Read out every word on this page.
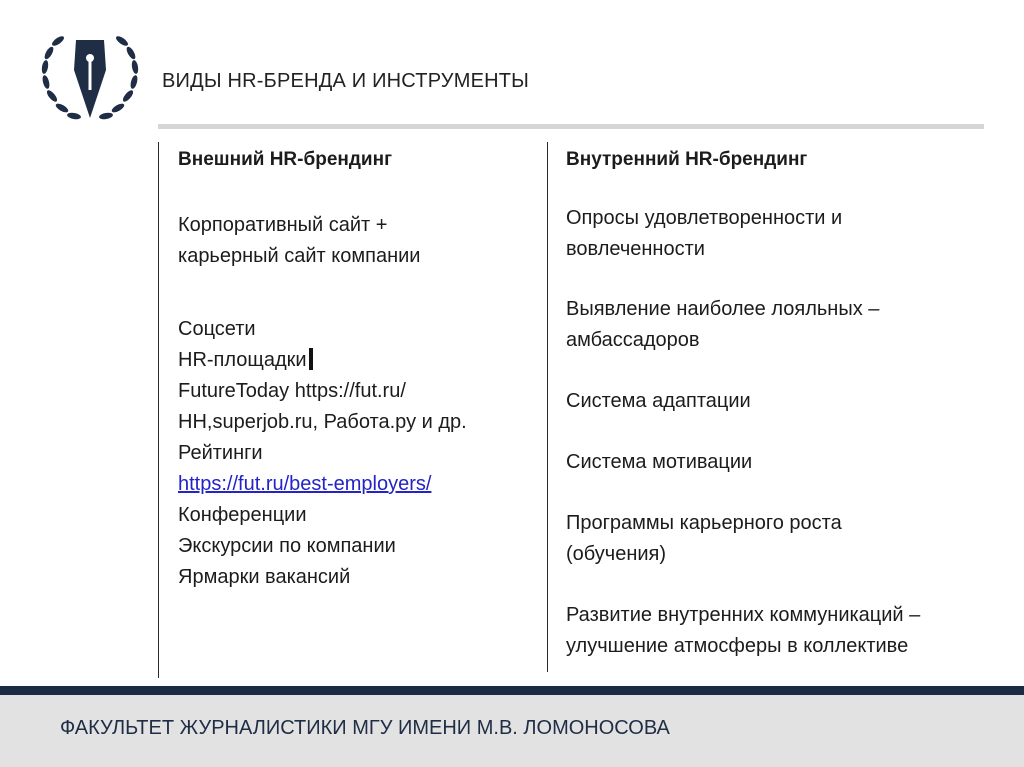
ВИДЫ HR-БРЕНДА И ИНСТРУМЕНТЫ
Внешний HR-брендинг
Корпоративный сайт +
карьерный сайт компании
Соцсети
HR-площадки
FutureToday https://fut.ru/
HH,superjob.ru, Работа.ру и др.
Рейтинги
https://fut.ru/best-employers/
Конференции
Экскурсии по компании
Ярмарки вакансий
Внутренний HR-брендинг
Опросы удовлетворенности и
вовлеченности
Выявление наиболее лояльных –
амбассадоров
Система адаптации
Система мотивации
Программы карьерного роста
(обучения)
Развитие внутренних коммуникаций –
улучшение атмосферы в коллективе
ФАКУЛЬТЕТ ЖУРНАЛИСТИКИ МГУ ИМЕНИ М.В. ЛОМОНОСОВА
